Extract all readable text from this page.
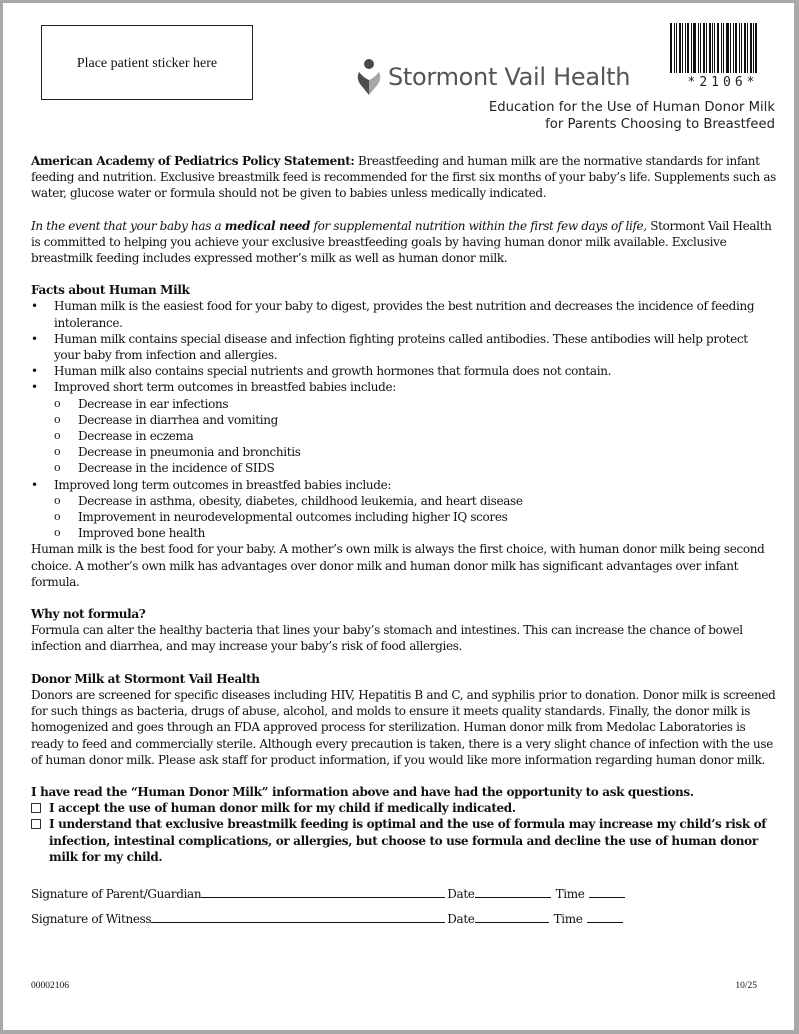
Place patient sticker here	Stormont Vail Health	*2106*
Education for the Use of Human Donor Milk
for Parents Choosing to Breastfeed

American Academy of Pediatrics Policy Statement: Breastfeeding and human milk are the normative standards for infant feeding and nutrition. Exclusive breastmilk feed is recommended for the first six months of your baby’s life. Supplements such as water, glucose water or formula should not be given to babies unless medically indicated.

In the event that your baby has a medical need for supplemental nutrition within the first few days of life, Stormont Vail Health is committed to helping you achieve your exclusive breastfeeding goals by having human donor milk available. Exclusive breastmilk feeding includes expressed mother’s milk as well as human donor milk.

Facts about Human Milk

• Human milk is the easiest food for your baby to digest, provides the best nutrition and decreases the incidence of feeding intolerance.
• Human milk contains special disease and infection fighting proteins called antibodies. These antibodies will help protect your baby from infection and allergies.
• Human milk also contains special nutrients and growth hormones that formula does not contain.
• Improved short term outcomes in breastfed babies include:
o Decrease in ear infections
o Decrease in diarrhea and vomiting
o Decrease in eczema
o Decrease in pneumonia and bronchitis
o Decrease in the incidence of SIDS
• Improved long term outcomes in breastfed babies include:
o Decrease in asthma, obesity, diabetes, childhood leukemia, and heart disease
o Improvement in neurodevelopmental outcomes including higher IQ scores
o Improved bone health

Human milk is the best food for your baby. A mother’s own milk is always the first choice, with human donor milk being second choice. A mother’s own milk has advantages over donor milk and human donor milk has significant advantages over infant formula.

Why not formula?

Formula can alter the healthy bacteria that lines your baby’s stomach and intestines. This can increase the chance of bowel infection and diarrhea, and may increase your baby’s risk of food allergies.

Donor Milk at Stormont Vail Health

Donors are screened for specific diseases including HIV, Hepatitis B and C, and syphilis prior to donation. Donor milk is screened for such things as bacteria, drugs of abuse, alcohol, and molds to ensure it meets quality standards. Finally, the donor milk is homogenized and goes through an FDA approved process for sterilization. Human donor milk from Medolac Laboratories is ready to feed and commercially sterile. Although every precaution is taken, there is a very slight chance of infection with the use of human donor milk. Please ask staff for product information, if you would like more information regarding human donor milk.

I have read the “Human Donor Milk” information above and have had the opportunity to ask questions.

I accept the use of human donor milk for my child if medically indicated.
I understand that exclusive breastmilk feeding is optimal and the use of formula may increase my child’s risk of infection, intestinal complications, or allergies, but choose to use formula and decline the use of human donor milk for my child.
Signature of Parent/Guardian	Date	Time
Signature of Witness	Date	Time
00002106	10/25
